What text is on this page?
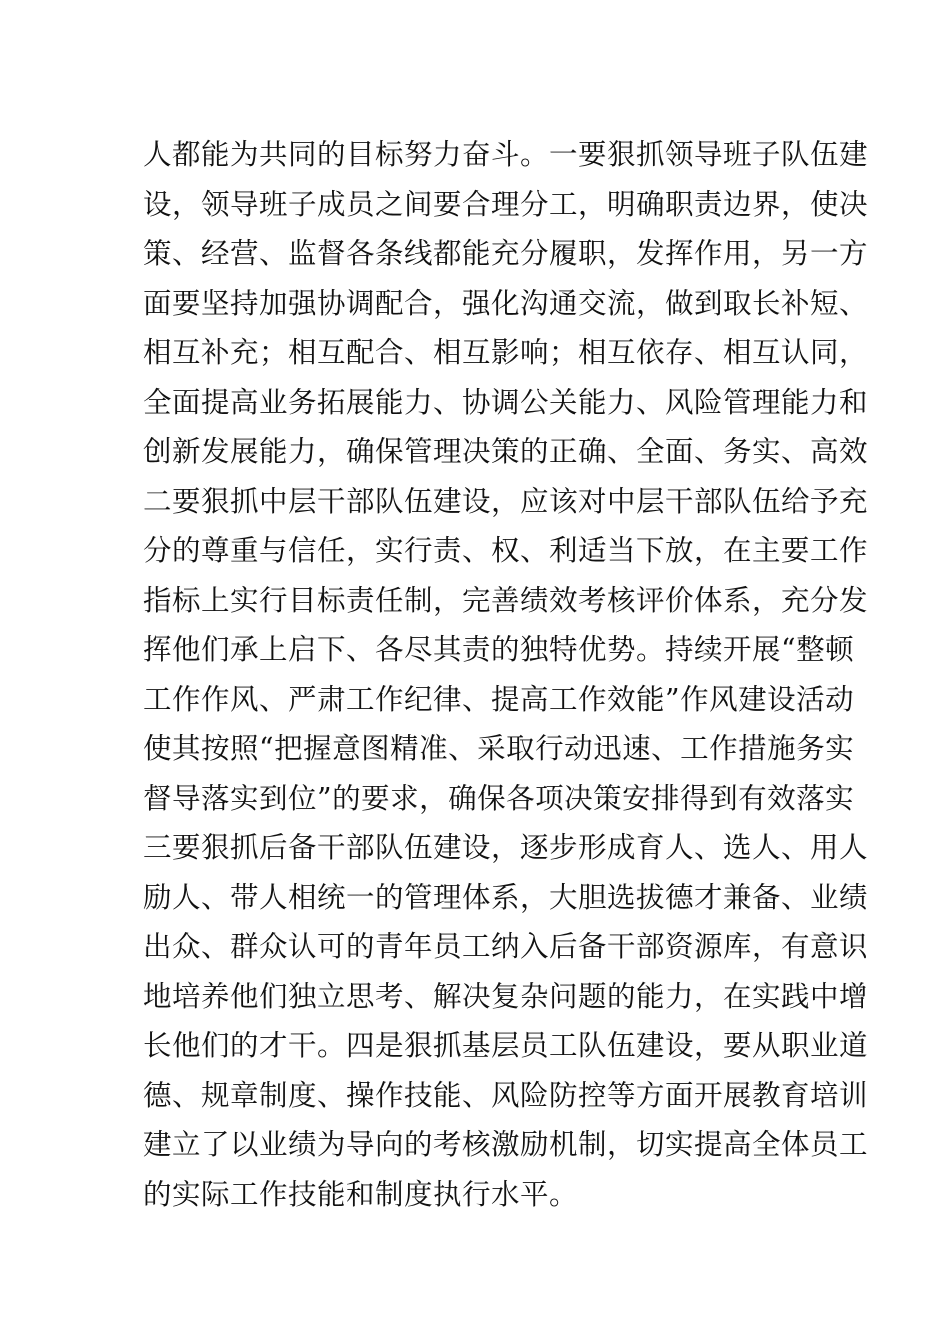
人都能为共同的目标努力奋斗。一要狠抓领导班子队伍建
设，领导班子成员之间要合理分工，明确职责边界，使决
策、经营、监督各条线都能充分履职，发挥作用，另一方
面要坚持加强协调配合，强化沟通交流，做到取长补短、
相互补充；相互配合、相互影响；相互依存、相互认同，
全面提高业务拓展能力、协调公关能力、风险管理能力和
创新发展能力，确保管理决策的正确、全面、务实、高效
二要狠抓中层干部队伍建设，应该对中层干部队伍给予充
分的尊重与信任，实行责、权、利适当下放，在主要工作
指标上实行目标责任制，完善绩效考核评价体系，充分发
挥他们承上启下、各尽其责的独特优势。持续开展“整顿
工作作风、严肃工作纪律、提高工作效能”作风建设活动
使其按照“把握意图精准、采取行动迅速、工作措施务实
督导落实到位”的要求，确保各项决策安排得到有效落实
三要狠抓后备干部队伍建设，逐步形成育人、选人、用人
励人、带人相统一的管理体系，大胆选拔德才兼备、业绩
出众、群众认可的青年员工纳入后备干部资源库，有意识
地培养他们独立思考、解决复杂问题的能力，在实践中增
长他们的才干。四是狠抓基层员工队伍建设，要从职业道
德、规章制度、操作技能、风险防控等方面开展教育培训
建立了以业绩为导向的考核激励机制，切实提高全体员工
的实际工作技能和制度执行水平。
